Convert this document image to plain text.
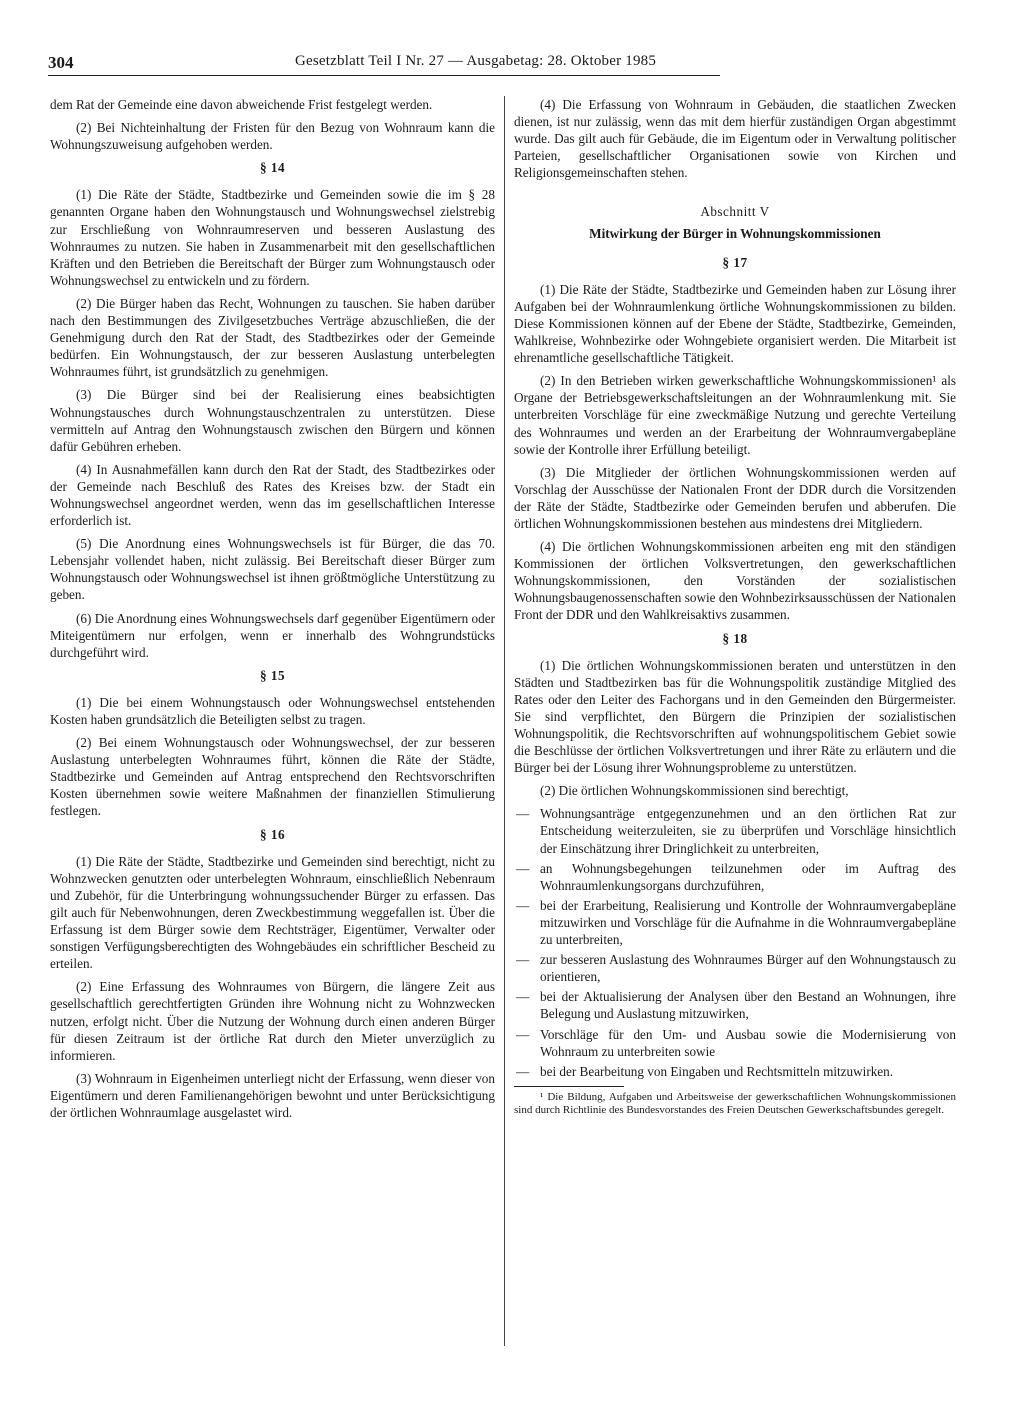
304	Gesetzblatt Teil I Nr. 27 — Ausgabetag: 28. Oktober 1985

dem Rat der Gemeinde eine davon abweichende Frist festgelegt werden.

(2) Bei Nichteinhaltung der Fristen für den Bezug von Wohnraum kann die Wohnungszuweisung aufgehoben werden.

§ 14

(1) Die Räte der Städte, Stadtbezirke und Gemeinden sowie die im § 28 genannten Organe haben den Wohnungstausch und Wohnungswechsel zielstrebig zur Erschließung von Wohnraumreserven und besseren Auslastung des Wohnraumes zu nutzen. Sie haben in Zusammenarbeit mit den gesellschaftlichen Kräften und den Betrieben die Bereitschaft der Bürger zum Wohnungstausch oder Wohnungswechsel zu entwickeln und zu fördern.

(2) Die Bürger haben das Recht, Wohnungen zu tauschen. Sie haben darüber nach den Bestimmungen des Zivilgesetzbuches Verträge abzuschließen, die der Genehmigung durch den Rat der Stadt, des Stadtbezirkes oder der Gemeinde bedürfen. Ein Wohnungstausch, der zur besseren Auslastung unterbelegten Wohnraumes führt, ist grundsätzlich zu genehmigen.

(3) Die Bürger sind bei der Realisierung eines beabsichtigten Wohnungstausches durch Wohnungstauschzentralen zu unterstützen. Diese vermitteln auf Antrag den Wohnungstausch zwischen den Bürgern und können dafür Gebühren erheben.

(4) In Ausnahmefällen kann durch den Rat der Stadt, des Stadtbezirkes oder der Gemeinde nach Beschluß des Rates des Kreises bzw. der Stadt ein Wohnungswechsel angeordnet werden, wenn das im gesellschaftlichen Interesse erforderlich ist.

(5) Die Anordnung eines Wohnungswechsels ist für Bürger, die das 70. Lebensjahr vollendet haben, nicht zulässig. Bei Bereitschaft dieser Bürger zum Wohnungstausch oder Wohnungswechsel ist ihnen größtmögliche Unterstützung zu geben.

(6) Die Anordnung eines Wohnungswechsels darf gegenüber Eigentümern oder Miteigentümern nur erfolgen, wenn er innerhalb des Wohngrundstücks durchgeführt wird.

§ 15

(1) Die bei einem Wohnungstausch oder Wohnungswechsel entstehenden Kosten haben grundsätzlich die Beteiligten selbst zu tragen.

(2) Bei einem Wohnungstausch oder Wohnungswechsel, der zur besseren Auslastung unterbelegten Wohnraumes führt, können die Räte der Städte, Stadtbezirke und Gemeinden auf Antrag entsprechend den Rechtsvorschriften Kosten übernehmen sowie weitere Maßnahmen der finanziellen Stimulierung festlegen.

§ 16

(1) Die Räte der Städte, Stadtbezirke und Gemeinden sind berechtigt, nicht zu Wohnzwecken genutzten oder unterbelegten Wohnraum, einschließlich Nebenraum und Zubehör, für die Unterbringung wohnungssuchender Bürger zu erfassen. Das gilt auch für Nebenwohnungen, deren Zweckbestimmung weggefallen ist. Über die Erfassung ist dem Bürger sowie dem Rechtsträger, Eigentümer, Verwalter oder sonstigen Verfügungsberechtigten des Wohngebäudes ein schriftlicher Bescheid zu erteilen.

(2) Eine Erfassung des Wohnraumes von Bürgern, die längere Zeit aus gesellschaftlich gerechtfertigten Gründen ihre Wohnung nicht zu Wohnzwecken nutzen, erfolgt nicht. Über die Nutzung der Wohnung durch einen anderen Bürger für diesen Zeitraum ist der örtliche Rat durch den Mieter unverzüglich zu informieren.

(3) Wohnraum in Eigenheimen unterliegt nicht der Erfassung, wenn dieser von Eigentümern und deren Familienangehörigen bewohnt und unter Berücksichtigung der örtlichen Wohnraumlage ausgelastet wird.

(4) Die Erfassung von Wohnraum in Gebäuden, die staatlichen Zwecken dienen, ist nur zulässig, wenn das mit dem hierfür zuständigen Organ abgestimmt wurde. Das gilt auch für Gebäude, die im Eigentum oder in Verwaltung politischer Parteien, gesellschaftlicher Organisationen sowie von Kirchen und Religionsgemeinschaften stehen.

Abschnitt V
Mitwirkung der Bürger in Wohnungskommissionen
§ 17

(1) Die Räte der Städte, Stadtbezirke und Gemeinden haben zur Lösung ihrer Aufgaben bei der Wohnraumlenkung örtliche Wohnungskommissionen zu bilden. Diese Kommissionen können auf der Ebene der Städte, Stadtbezirke, Gemeinden, Wahlkreise, Wohnbezirke oder Wohngebiete organisiert werden. Die Mitarbeit ist ehrenamtliche gesellschaftliche Tätigkeit.

(2) In den Betrieben wirken gewerkschaftliche Wohnungskommissionen¹ als Organe der Betriebsgewerkschaftsleitungen an der Wohnraumlenkung mit. Sie unterbreiten Vorschläge für eine zweckmäßige Nutzung und gerechte Verteilung des Wohnraumes und werden an der Erarbeitung der Wohnraumvergabepläne sowie der Kontrolle ihrer Erfüllung beteiligt.

(3) Die Mitglieder der örtlichen Wohnungskommissionen werden auf Vorschlag der Ausschüsse der Nationalen Front der DDR durch die Vorsitzenden der Räte der Städte, Stadtbezirke oder Gemeinden berufen und abberufen. Die örtlichen Wohnungskommissionen bestehen aus mindestens drei Mitgliedern.

(4) Die örtlichen Wohnungskommissionen arbeiten eng mit den ständigen Kommissionen der örtlichen Volksvertretungen, den gewerkschaftlichen Wohnungskommissionen, den Vorständen der sozialistischen Wohnungsbaugenossenschaften sowie den Wohnbezirksausschüssen der Nationalen Front der DDR und den Wahlkreisaktivs zusammen.

§ 18

(1) Die örtlichen Wohnungskommissionen beraten und unterstützen in den Städten und Stadtbezirken bas für die Wohnungspolitik zuständige Mitglied des Rates oder den Leiter des Fachorgans und in den Gemeinden den Bürgermeister. Sie sind verpflichtet, den Bürgern die Prinzipien der sozialistischen Wohnungspolitik, die Rechtsvorschriften auf wohnungspolitischem Gebiet sowie die Beschlüsse der örtlichen Volksvertretungen und ihrer Räte zu erläutern und die Bürger bei der Lösung ihrer Wohnungsprobleme zu unterstützen.

(2) Die örtlichen Wohnungskommissionen sind berechtigt,

— Wohnungsanträge entgegenzunehmen und an den örtlichen Rat zur Entscheidung weiterzuleiten, sie zu überprüfen und Vorschläge hinsichtlich der Einschätzung ihrer Dringlichkeit zu unterbreiten,
— an Wohnungsbegehungen teilzunehmen oder im Auftrag des Wohnraumlenkungsorgans durchzuführen,
— bei der Erarbeitung, Realisierung und Kontrolle der Wohnraumvergabepläne mitzuwirken und Vorschläge für die Aufnahme in die Wohnraumvergabepläne zu unterbreiten,
— zur besseren Auslastung des Wohnraumes Bürger auf den Wohnungstausch zu orientieren,
— bei der Aktualisierung der Analysen über den Bestand an Wohnungen, ihre Belegung und Auslastung mitzuwirken,
— Vorschläge für den Um- und Ausbau sowie die Modernisierung von Wohnraum zu unterbreiten sowie
— bei der Bearbeitung von Eingaben und Rechtsmitteln mitzuwirken.

¹ Die Bildung, Aufgaben und Arbeitsweise der gewerkschaftlichen Wohnungskommissionen sind durch Richtlinie des Bundesvorstandes des Freien Deutschen Gewerkschaftsbundes geregelt.
